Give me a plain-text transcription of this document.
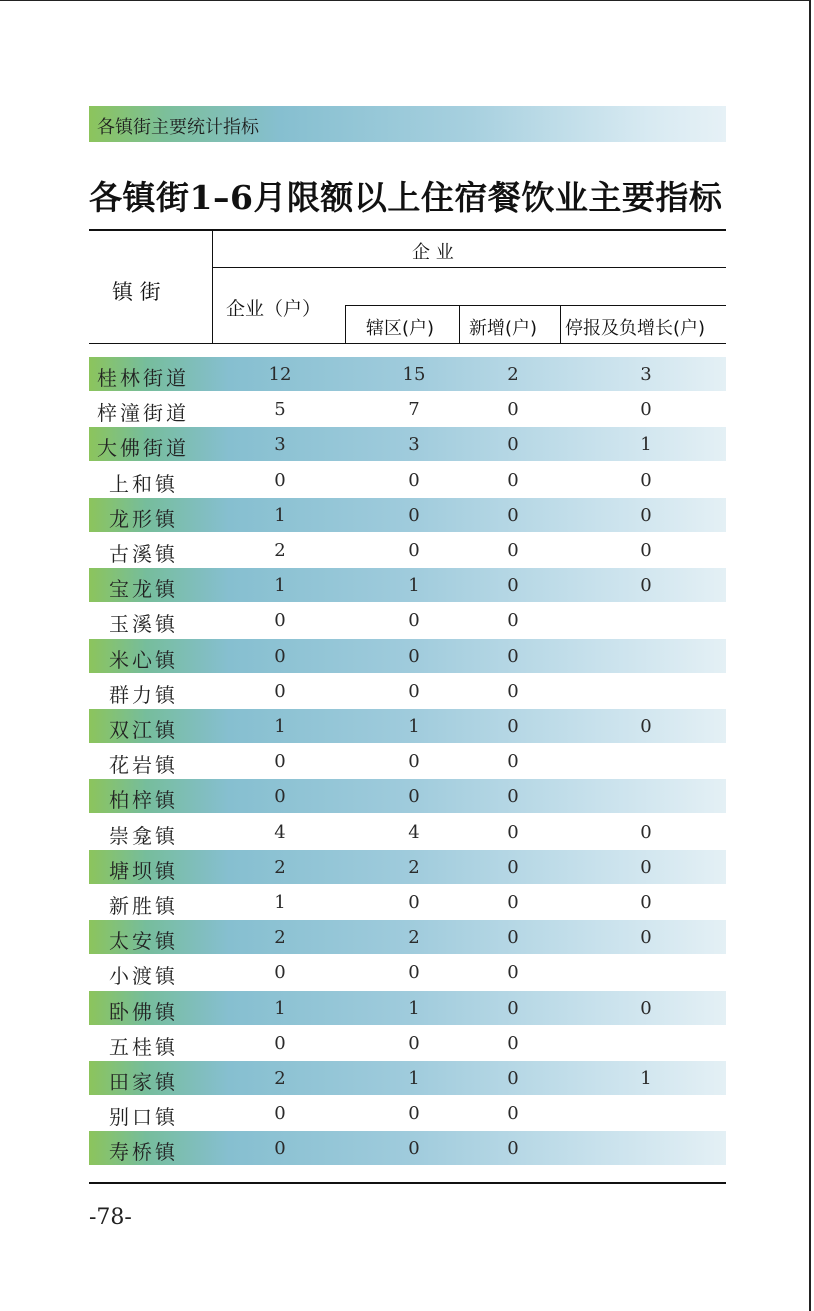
各镇街主要统计指标
各镇街1–6月限额以上住宿餐饮业主要指标
镇 街
企 业
企业（户）
辖区(户) 新增(户) 停报及负增长(户)
桂林街道	12	15	2	3
梓潼街道	5	7	0	0
大佛街道	3	3	0	1
上和镇	0	0	0	0
龙形镇	1	0	0	0
古溪镇	2	0	0	0
宝龙镇	1	1	0	0
玉溪镇	0	0	0
米心镇	0	0	0
群力镇	0	0	0
双江镇	1	1	0	0
花岩镇	0	0	0
柏梓镇	0	0	0
崇龛镇	4	4	0	0
塘坝镇	2	2	0	0
新胜镇	1	0	0	0
太安镇	2	2	0	0
小渡镇	0	0	0
卧佛镇	1	1	0	0
五桂镇	0	0	0
田家镇	2	1	0	1
别口镇	0	0	0
寿桥镇	0	0	0
-78-
